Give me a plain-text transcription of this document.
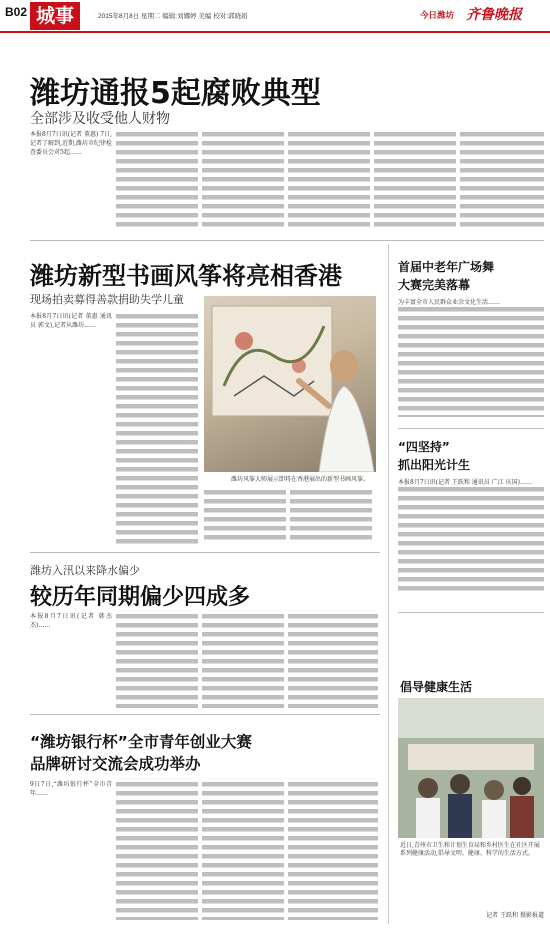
B02 城事	2015年8月8日 星期二 编辑:刘娜婷 美编 校对:郭晓娟	今日潍坊 齐鲁晚报
潍坊通报5起腐败典型
全部涉及收受他人财物
本报8月7日讯(记者 董惠) 7日,记者了解到,近期,潍坊市纪律检查委员会对5起……
潍坊新型书画风筝将亮相香港
现场拍卖募得善款捐助失学儿童
本报8月7日讯(记者 董惠 通讯员 郭文),记者从潍坊……
潍坊风筝大师展示即将在香港展出的新型书画风筝。
潍坊入汛以来降水偏少
较历年同期偏少四成多
本报8月7日讯(记者 韩杰杰)……
“潍坊银行杯”全市青年创业大赛
品牌研讨交流会成功举办
9日7日,“潍坊银行杯”全市青年……
首届中老年广场舞
大赛完美落幕
为丰富全市人民群众业余文化生活……
“四坚持”
抓出阳光计生
本报8月7日讯(记者 王跃和 通讯员 广江 庆国)……
倡导健康生活
近日,青州市卫生和计划生育局和乡村医生在社区开展系列健康活动,倡导文明、健康、科学的生活方式。
记者 王跃和 摄影报道
